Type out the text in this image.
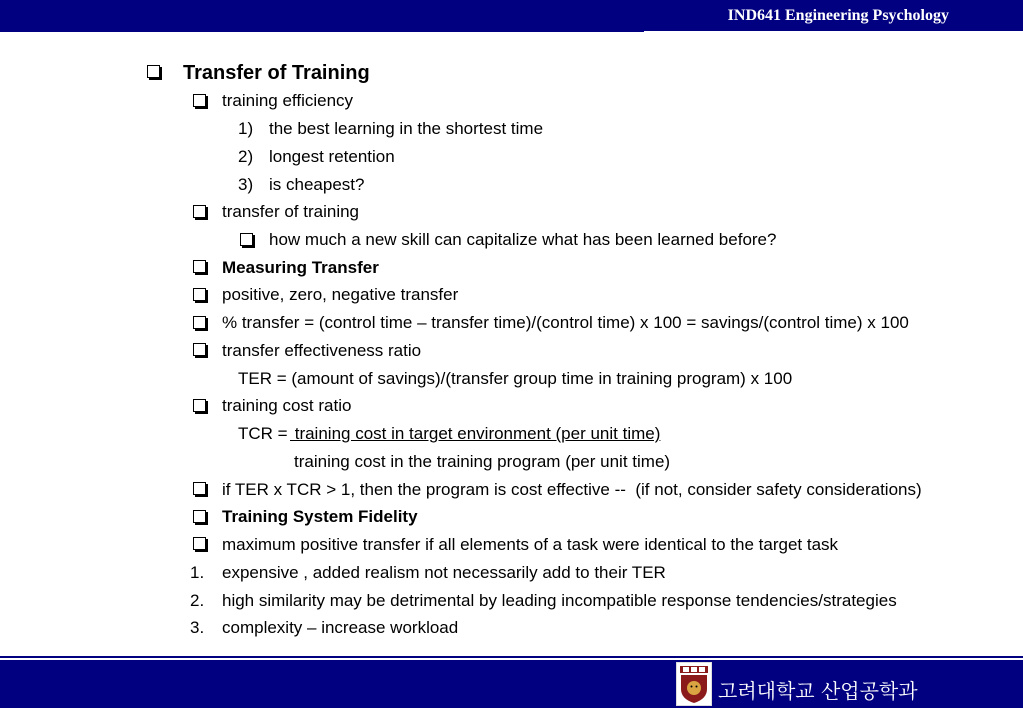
IND641 Engineering Psychology
Transfer of Training
training efficiency
1) the best learning in the shortest time
2) longest retention
3) is cheapest?
transfer of training
how much a new skill can capitalize what has been learned before?
Measuring Transfer
positive, zero, negative transfer
% transfer = (control time – transfer time)/(control time) x 100 = savings/(control time) x 100
transfer effectiveness ratio
TER = (amount of savings)/(transfer group time in training program) x 100
training cost ratio
TCR = training cost in target environment (per unit time)
training cost in the training program (per unit time)
if TER x TCR > 1, then the program is cost effective --  (if not, consider safety considerations)
Training System Fidelity
maximum positive transfer if all elements of a task were identical to the target task
1. expensive , added realism not necessarily add to their TER
2. high similarity may be detrimental by leading incompatible response tendencies/strategies
3. complexity – increase workload
고려대학교 산업공학과
